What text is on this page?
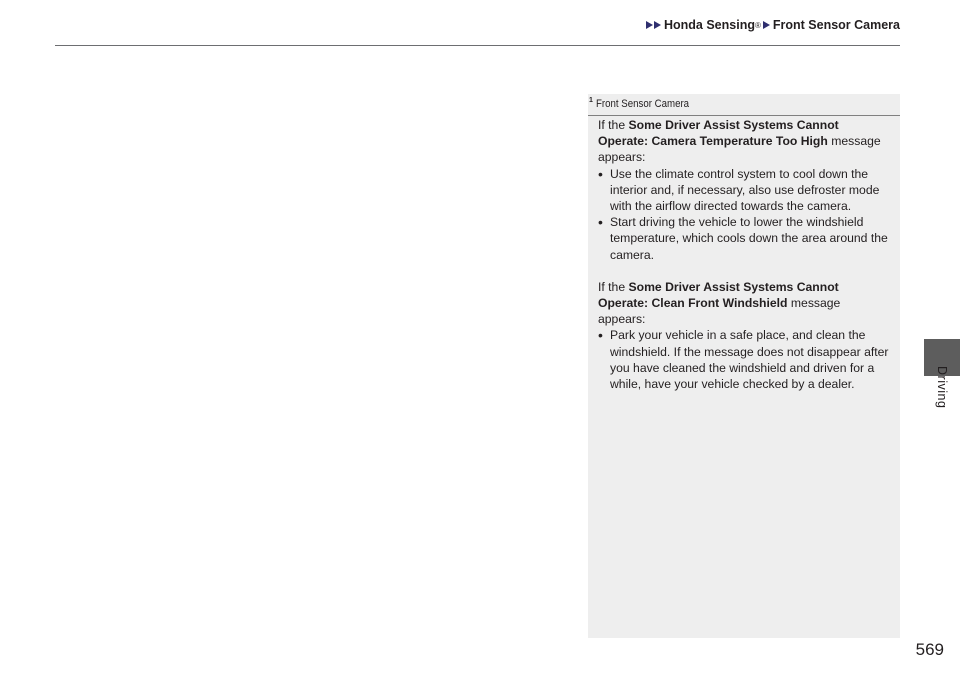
Honda Sensing ® Front Sensor Camera
1 Front Sensor Camera

If the Some Driver Assist Systems Cannot Operate: Camera Temperature Too High message appears:

• Use the climate control system to cool down the interior and, if necessary, also use defroster mode with the airflow directed towards the camera.
• Start driving the vehicle to lower the windshield temperature, which cools down the area around the camera.

If the Some Driver Assist Systems Cannot Operate: Clean Front Windshield message appears:

• Park your vehicle in a safe place, and clean the windshield. If the message does not disappear after you have cleaned the windshield and driven for a while, have your vehicle checked by a dealer.	Driving
569
